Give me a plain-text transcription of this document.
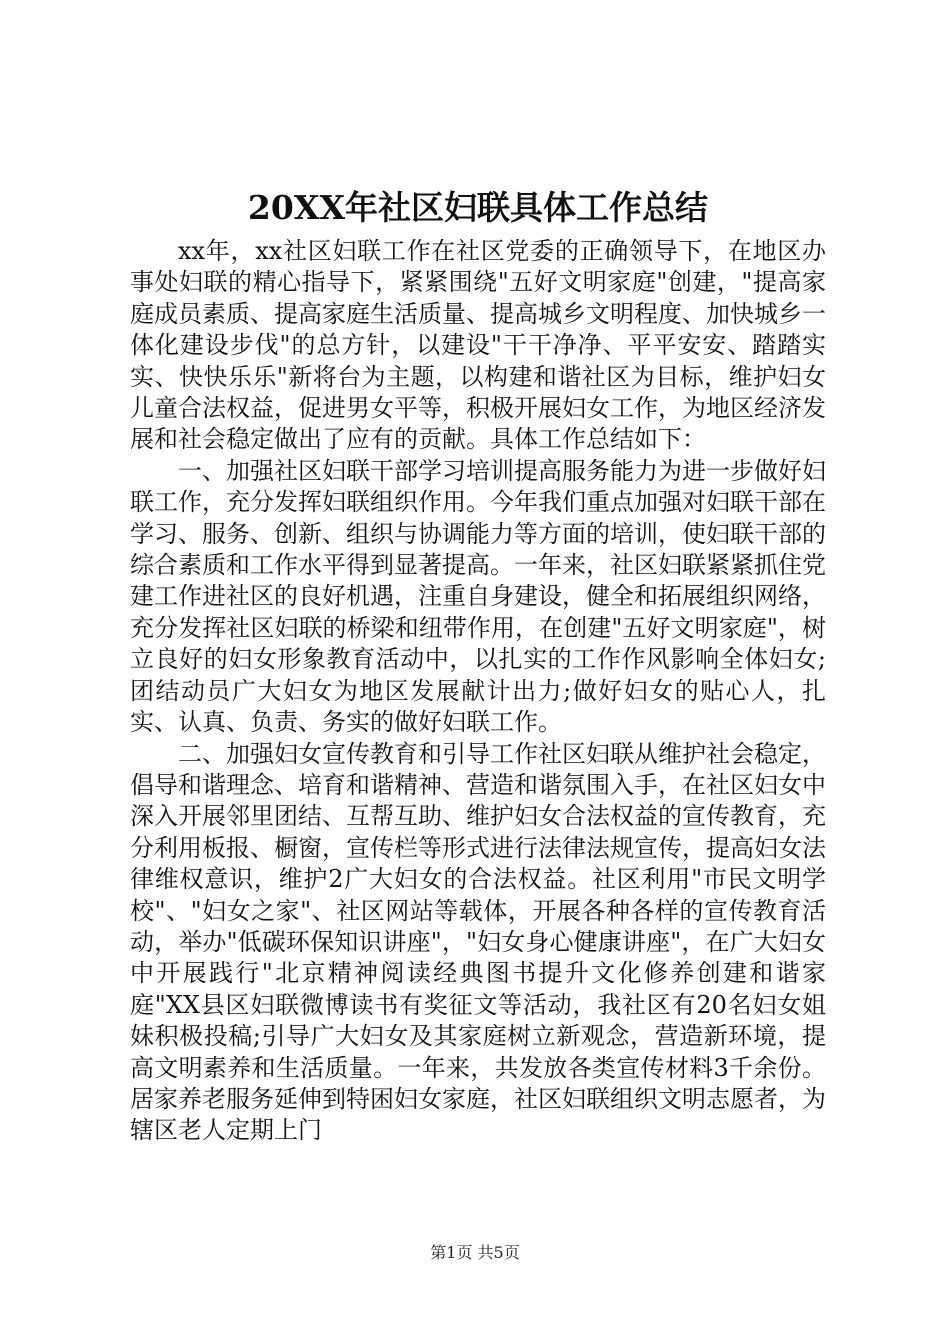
20XX年社区妇联具体工作总结

xx年，xx社区妇联工作在社区党委的正确领导下，在地区办事处妇联的精心指导下，紧紧围绕"五好文明家庭"创建，"提高家庭成员素质、提高家庭生活质量、提高城乡文明程度、加快城乡一体化建设步伐"的总方针，以建设"干干净净、平平安安、踏踏实实、快快乐乐"新将台为主题，以构建和谐社区为目标，维护妇女儿童合法权益，促进男女平等，积极开展妇女工作，为地区经济发展和社会稳定做出了应有的贡献。具体工作总结如下：

一、加强社区妇联干部学习培训提高服务能力为进一步做好妇联工作，充分发挥妇联组织作用。今年我们重点加强对妇联干部在学习、服务、创新、组织与协调能力等方面的培训，使妇联干部的综合素质和工作水平得到显著提高。一年来，社区妇联紧紧抓住党建工作进社区的良好机遇，注重自身建设，健全和拓展组织网络，充分发挥社区妇联的桥梁和纽带作用，在创建"五好文明家庭"，树立良好的妇女形象教育活动中，以扎实的工作作风影响全体妇女;团结动员广大妇女为地区发展献计出力;做好妇女的贴心人，扎实、认真、负责、务实的做好妇联工作。

二、加强妇女宣传教育和引导工作社区妇联从维护社会稳定，倡导和谐理念、培育和谐精神、营造和谐氛围入手，在社区妇女中深入开展邻里团结、互帮互助、维护妇女合法权益的宣传教育，充分利用板报、橱窗，宣传栏等形式进行法律法规宣传，提高妇女法律维权意识，维护2广大妇女的合法权益。社区利用"市民文明学校"、"妇女之家"、社区网站等载体，开展各种各样的宣传教育活动，举办"低碳环保知识讲座"，"妇女身心健康讲座"，在广大妇女中开展践行"北京精神阅读经典图书提升文化修养创建和谐家庭"XX县区妇联微博读书有奖征文等活动，我社区有20名妇女姐妹积极投稿;引导广大妇女及其家庭树立新观念，营造新环境，提高文明素养和生活质量。一年来，共发放各类宣传材料3千余份。居家养老服务延伸到特困妇女家庭，社区妇联组织文明志愿者，为辖区老人定期上门

第1页 共5页
